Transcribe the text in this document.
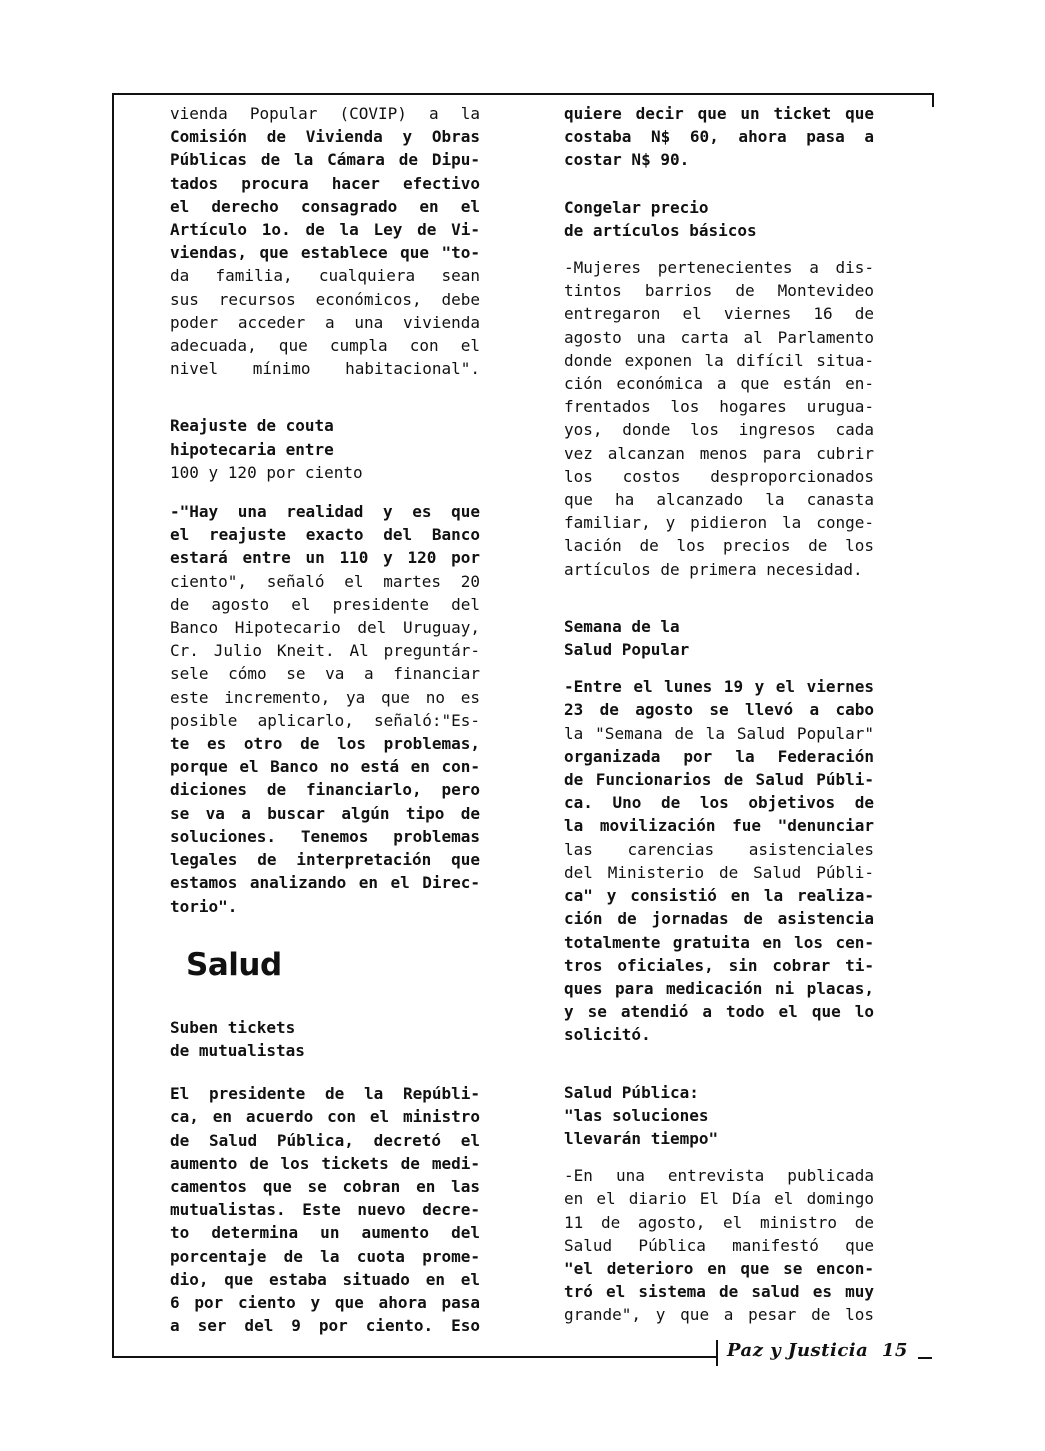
Paz y Justicia 15

vienda Popular (COVIP) a la

Comisión de Vivienda y Obras

Públicas de la Cámara de Dipu-

tados procura hacer efectivo

el derecho consagrado en el

Artículo 1o. de la Ley de Vi-

viendas, que establece que "to-

da familia, cualquiera sean

sus recursos económicos, debe

poder acceder a una vivienda

adecuada, que cumpla con el

nivel mínimo habitacional".

Reajuste de couta

hipotecaria entre

100 y 120 por ciento

-"Hay una realidad y es que

el reajuste exacto del Banco

estará entre un 110 y 120 por

ciento", señaló el martes 20

de agosto el presidente del

Banco Hipotecario del Uruguay,

Cr. Julio Kneit. Al preguntár-

sele cómo se va a financiar

este incremento, ya que no es

posible aplicarlo, señaló:"Es-

te es otro de los problemas,

porque el Banco no está en con-

diciones de financiarlo, pero

se va a buscar algún tipo de

soluciones. Tenemos problemas

legales de interpretación que

estamos analizando en el Direc-

torio".

Salud

Suben tickets

de mutualistas

El presidente de la Repúbli-

ca, en acuerdo con el ministro

de Salud Pública, decretó el

aumento de los tickets de medi-

camentos que se cobran en las

mutualistas. Este nuevo decre-

to determina un aumento del

porcentaje de la cuota prome-

dio, que estaba situado en el

6 por ciento y que ahora pasa

a ser del 9 por ciento. Eso

quiere decir que un ticket que

costaba N$ 60, ahora pasa a

costar N$ 90.

Congelar precio

de artículos básicos

-Mujeres pertenecientes a dis-

tintos barrios de Montevideo

entregaron el viernes 16 de

agosto una carta al Parlamento

donde exponen la difícil situa-

ción económica a que están en-

frentados los hogares urugua-

yos, donde los ingresos cada

vez alcanzan menos para cubrir

los costos desproporcionados

que ha alcanzado la canasta

familiar, y pidieron la conge-

lación de los precios de los

artículos de primera necesidad.

Semana de la

Salud Popular

-Entre el lunes 19 y el viernes

23 de agosto se llevó a cabo

la "Semana de la Salud Popular"

organizada por la Federación

de Funcionarios de Salud Públi-

ca. Uno de los objetivos de

la movilización fue "denunciar

las carencias asistenciales

del Ministerio de Salud Públi-

ca" y consistió en la realiza-

ción de jornadas de asistencia

totalmente gratuita en los cen-

tros oficiales, sin cobrar ti-

ques para medicación ni placas,

y se atendió a todo el que lo

solicitó.

Salud Pública:

"las soluciones

llevarán tiempo"

-En una entrevista publicada

en el diario El Día el domingo

11 de agosto, el ministro de

Salud Pública manifestó que

"el deterioro en que se encon-

tró el sistema de salud es muy

grande", y que a pesar de los
